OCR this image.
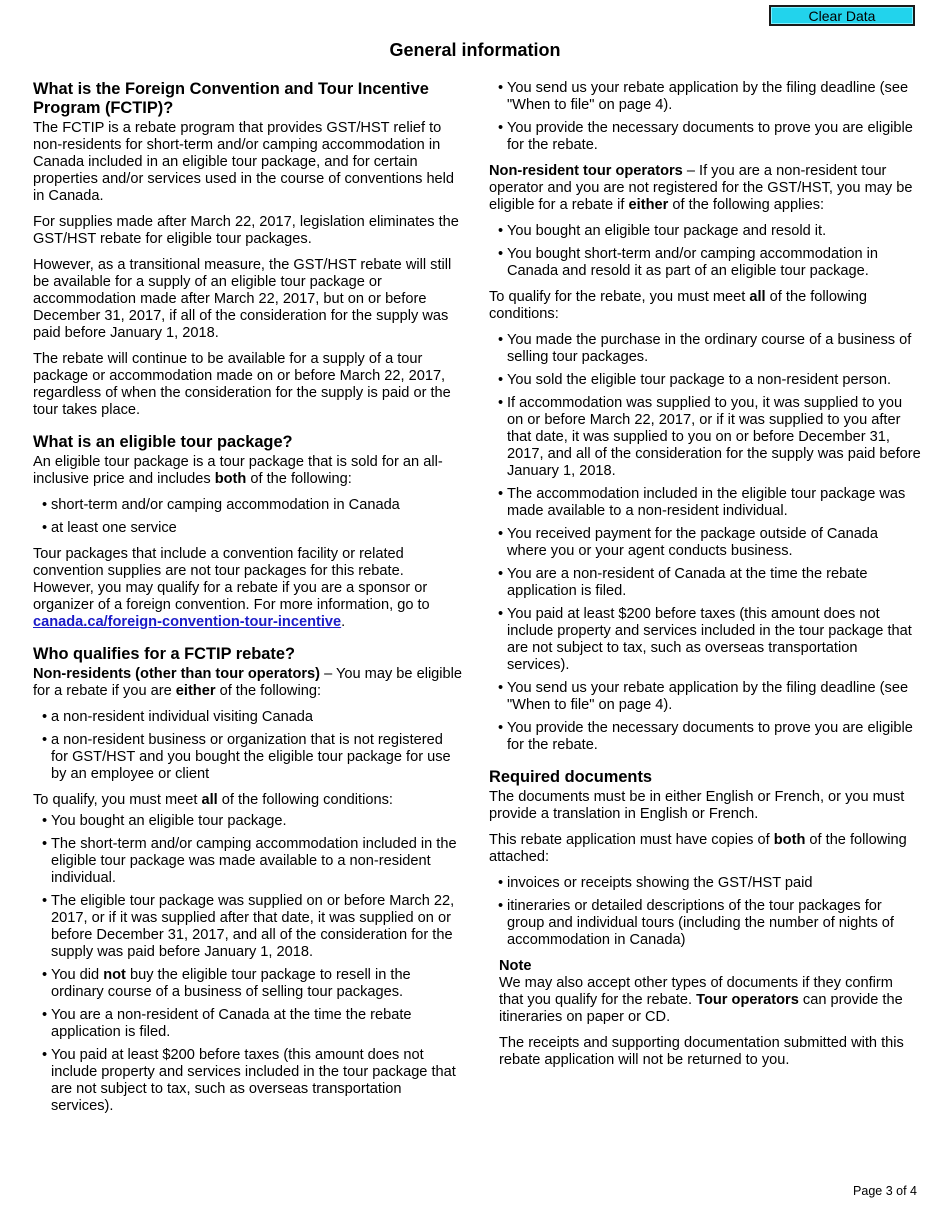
Clear Data
General information
What is the Foreign Convention and Tour Incentive Program (FCTIP)?

The FCTIP is a rebate program that provides GST/HST relief to non-residents for short-term and/or camping accommodation in Canada included in an eligible tour package, and for certain properties and/or services used in the course of conventions held in Canada.

For supplies made after March 22, 2017, legislation eliminates the GST/HST rebate for eligible tour packages.

However, as a transitional measure, the GST/HST rebate will still be available for a supply of an eligible tour package or accommodation made after March 22, 2017, but on or before December 31, 2017, if all of the consideration for the supply was paid before January 1, 2018.

The rebate will continue to be available for a supply of a tour package or accommodation made on or before March 22, 2017, regardless of when the consideration for the supply is paid or the tour takes place.

What is an eligible tour package?

An eligible tour package is a tour package that is sold for an all-inclusive price and includes both of the following:

• short-term and/or camping accommodation in Canada
• at least one service

Tour packages that include a convention facility or related convention supplies are not tour packages for this rebate. However, you may qualify for a rebate if you are a sponsor or organizer of a foreign convention. For more information, go to canada.ca/foreign-convention-tour-incentive.

Who qualifies for a FCTIP rebate?

Non-residents (other than tour operators) – You may be eligible for a rebate if you are either of the following:

• a non-resident individual visiting Canada
• a non-resident business or organization that is not registered for GST/HST and you bought the eligible tour package for use by an employee or client

To qualify, you must meet all of the following conditions:

• You bought an eligible tour package.
• The short-term and/or camping accommodation included in the eligible tour package was made available to a non-resident individual.
• The eligible tour package was supplied on or before March 22, 2017, or if it was supplied after that date, it was supplied on or before December 31, 2017, and all of the consideration for the supply was paid before January 1, 2018.
• You did not buy the eligible tour package to resell in the ordinary course of a business of selling tour packages.
• You are a non-resident of Canada at the time the rebate application is filed.
• You paid at least $200 before taxes (this amount does not include property and services included in the tour package that are not subject to tax, such as overseas transportation services).
• You send us your rebate application by the filing deadline (see "When to file" on page 4).
• You provide the necessary documents to prove you are eligible for the rebate.

Non-resident tour operators – If you are a non-resident tour operator and you are not registered for the GST/HST, you may be eligible for a rebate if either of the following applies:

• You bought an eligible tour package and resold it.
• You bought short-term and/or camping accommodation in Canada and resold it as part of an eligible tour package.

To qualify for the rebate, you must meet all of the following conditions:

• You made the purchase in the ordinary course of a business of selling tour packages.
• You sold the eligible tour package to a non-resident person.
• If accommodation was supplied to you, it was supplied to you on or before March 22, 2017, or if it was supplied to you after that date, it was supplied to you on or before December 31, 2017, and all of the consideration for the supply was paid before January 1, 2018.
• The accommodation included in the eligible tour package was made available to a non-resident individual.
• You received payment for the package outside of Canada where you or your agent conducts business.
• You are a non-resident of Canada at the time the rebate application is filed.
• You paid at least $200 before taxes (this amount does not include property and services included in the tour package that are not subject to tax, such as overseas transportation services).
• You send us your rebate application by the filing deadline (see "When to file" on page 4).
• You provide the necessary documents to prove you are eligible for the rebate.
Required documents

The documents must be in either English or French, or you must provide a translation in English or French.

This rebate application must have copies of both of the following attached:

• invoices or receipts showing the GST/HST paid
• itineraries or detailed descriptions of the tour packages for group and individual tours (including the number of nights of accommodation in Canada)
Note

We may also accept other types of documents if they confirm that you qualify for the rebate. Tour operators can provide the itineraries on paper or CD.

The receipts and supporting documentation submitted with this rebate application will not be returned to you.

Page 3 of 4
